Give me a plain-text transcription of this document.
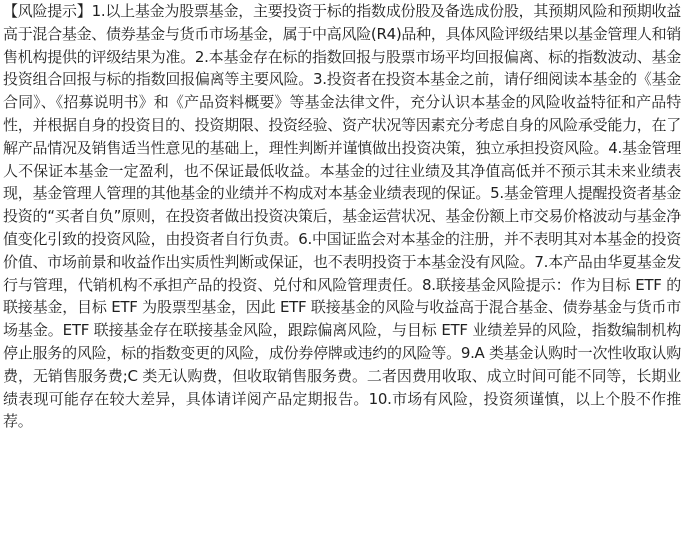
【风险提示】1.以上基金为股票基金，主要投资于标的指数成份股及备选成份股，其预期风险和预期收益高于混合基金、债券基金与货币市场基金，属于中高风险(R4)品种，具体风险评级结果以基金管理人和销售机构提供的评级结果为准。2.本基金存在标的指数回报与股票市场平均回报偏离、标的指数波动、基金投资组合回报与标的指数回报偏离等主要风险。3.投资者在投资本基金之前，请仔细阅读本基金的《基金合同》、《招募说明书》和《产品资料概要》等基金法律文件，充分认识本基金的风险收益特征和产品特性，并根据自身的投资目的、投资期限、投资经验、资产状况等因素充分考虑自身的风险承受能力，在了解产品情况及销售适当性意见的基础上，理性判断并谨慎做出投资决策，独立承担投资风险。4.基金管理人不保证本基金一定盈利，也不保证最低收益。本基金的过往业绩及其净值高低并不预示其未来业绩表现，基金管理人管理的其他基金的业绩并不构成对本基金业绩表现的保证。5.基金管理人提醒投资者基金投资的“买者自负”原则，在投资者做出投资决策后，基金运营状况、基金份额上市交易价格波动与基金净值变化引致的投资风险，由投资者自行负责。6.中国证监会对本基金的注册，并不表明其对本基金的投资价值、市场前景和收益作出实质性判断或保证，也不表明投资于本基金没有风险。7.本产品由华夏基金发行与管理，代销机构不承担产品的投资、兑付和风险管理责任。8.联接基金风险提示：作为目标 ETF 的联接基金，目标 ETF 为股票型基金，因此 ETF 联接基金的风险与收益高于混合基金、债券基金与货币市场基金。ETF 联接基金存在联接基金风险，跟踪偏离风险，与目标 ETF 业绩差异的风险，指数编制机构停止服务的风险，标的指数变更的风险，成份券停牌或违约的风险等。9.A 类基金认购时一次性收取认购费，无销售服务费;C 类无认购费，但收取销售服务费。二者因费用收取、成立时间可能不同等，长期业绩表现可能存在较大差异，具体请详阅产品定期报告。10.市场有风险，投资须谨慎，以上个股不作推荐。
